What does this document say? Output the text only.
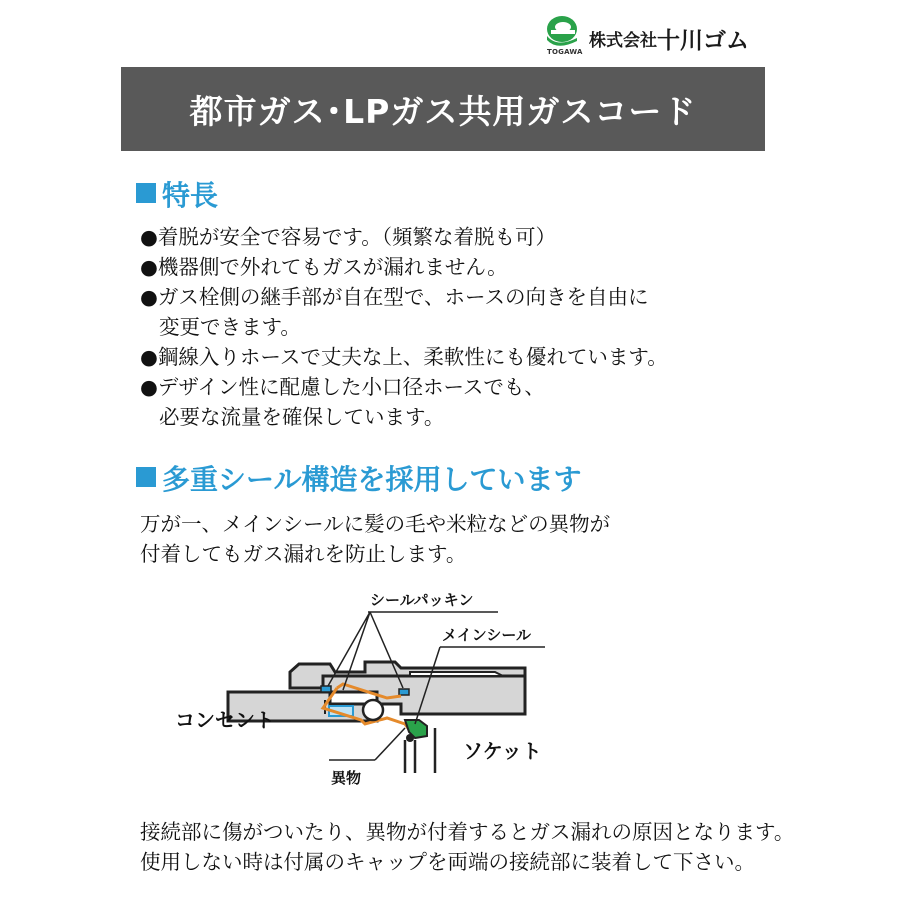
TOGAWA
株式会社十川ゴム
都市ガス･LPガス共用ガスコード
特長
●着脱が安全で容易です。（頻繁な着脱も可）
●機器側で外れてもガスが漏れません。
●ガス栓側の継手部が自在型で、ホースの向きを自由に
変更できます。
●鋼線入りホースで丈夫な上、柔軟性にも優れています。
●デザイン性に配慮した小口径ホースでも、
必要な流量を確保しています。
多重シール構造を採用しています
万が一、メインシールに髪の毛や米粒などの異物が
付着してもガス漏れを防止します。
シールパッキン
メインシール
コンセント
ソケット
異物
接続部に傷がついたり、異物が付着するとガス漏れの原因となります。
使用しない時は付属のキャップを両端の接続部に装着して下さい。
